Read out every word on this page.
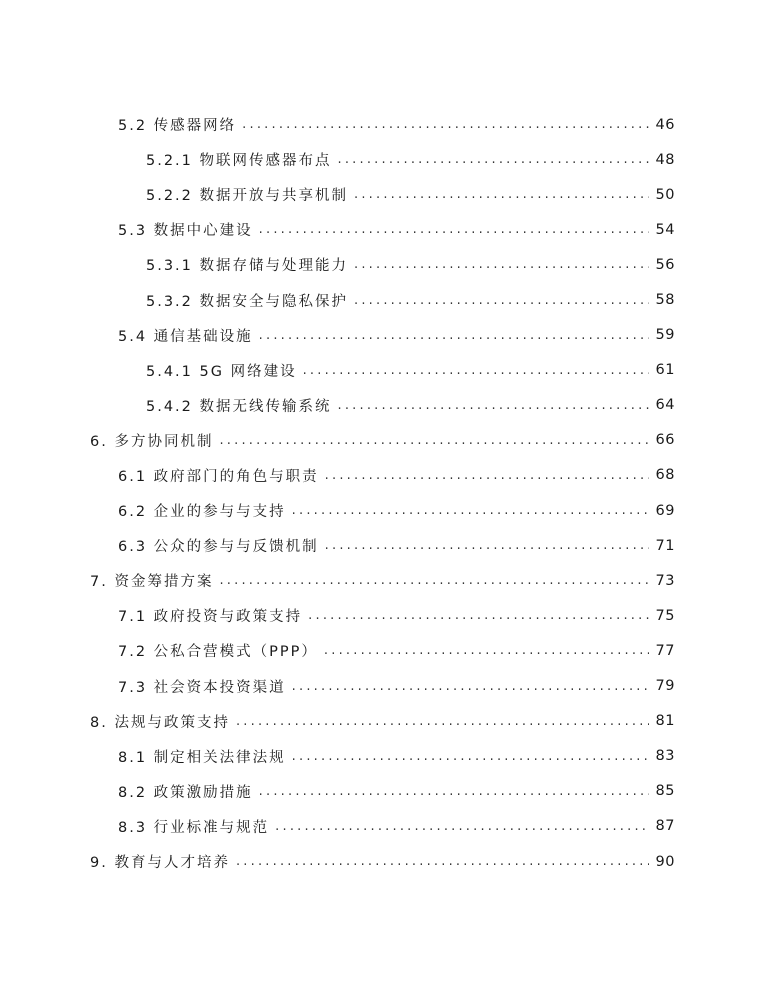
5.2 传感器网络 .....	46
5.2.1 物联网传感器布点 .....	48
5.2.2 数据开放与共享机制 .....	50
5.3 数据中心建设 .....	54
5.3.1 数据存储与处理能力 .....	56
5.3.2 数据安全与隐私保护 .....	58
5.4 通信基础设施 .....	59
5.4.1 5G 网络建设 .....	61
5.4.2 数据无线传输系统 .....	64
6. 多方协同机制 .....	66
6.1 政府部门的角色与职责 .....	68
6.2 企业的参与与支持 .....	69
6.3 公众的参与与反馈机制 .....	71
7. 资金筹措方案 .....	73
7.1 政府投资与政策支持 .....	75
7.2 公私合营模式（PPP） .....	77
7.3 社会资本投资渠道 .....	79
8. 法规与政策支持 .....	81
8.1 制定相关法律法规 .....	83
8.2 政策激励措施 .....	85
8.3 行业标准与规范 .....	87
9. 教育与人才培养 .....	90
